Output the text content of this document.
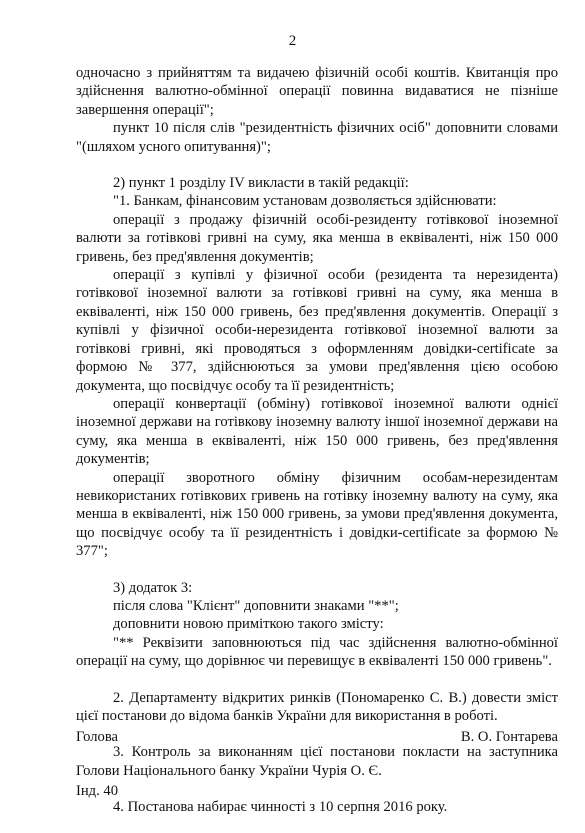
2

одночасно з прийняттям та видачею фізичній особі коштів. Квитанція про здійснення валютно-обмінної операції повинна видаватися не пізніше завершення операції";

пункт 10 після слів "резидентність фізичних осіб" доповнити словами "(шляхом усного опитування)";

2) пункт 1 розділу IV викласти в такій редакції:

"1. Банкам, фінансовим установам дозволяється здійснювати:

операції з продажу фізичній особі-резиденту готівкової іноземної валюти за готівкові гривні на суму, яка менша в еквіваленті, ніж 150 000 гривень, без пред'явлення документів;

операції з купівлі у фізичної особи (резидента та нерезидента) готівкової іноземної валюти за готівкові гривні на суму, яка менша в еквіваленті, ніж 150 000 гривень, без пред'явлення документів. Операції з купівлі у фізичної особи-нерезидента готівкової іноземної валюти за готівкові гривні, які проводяться з оформленням довідки-certificate за формою № 377, здійснюються за умови пред'явлення цією особою документа, що посвідчує особу та її резидентність;

операції конвертації (обміну) готівкової іноземної валюти однієї іноземної держави на готівкову іноземну валюту іншої іноземної держави на суму, яка менша в еквіваленті, ніж 150 000 гривень, без пред'явлення документів;

операції зворотного обміну фізичним особам-нерезидентам невикористаних готівкових гривень на готівку іноземну валюту на суму, яка менша в еквіваленті, ніж 150 000 гривень, за умови пред'явлення документа, що посвідчує особу та її резидентність і довідки-certificate за формою № 377";

3) додаток 3:

після слова "Клієнт" доповнити знаками "**";

доповнити новою приміткою такого змісту:

"** Реквізити заповнюються під час здійснення валютно-обмінної операції на суму, що дорівнює чи перевищує в еквіваленті 150 000 гривень".

2. Департаменту відкритих ринків (Пономаренко С. В.) довести зміст цієї постанови до відома банків України для використання в роботі.

3. Контроль за виконанням цієї постанови покласти на заступника Голови Національного банку України Чурія О. Є.

4. Постанова набирає чинності з 10 серпня 2016 року.

Голова	В. О. Гонтарева
Інд. 40
